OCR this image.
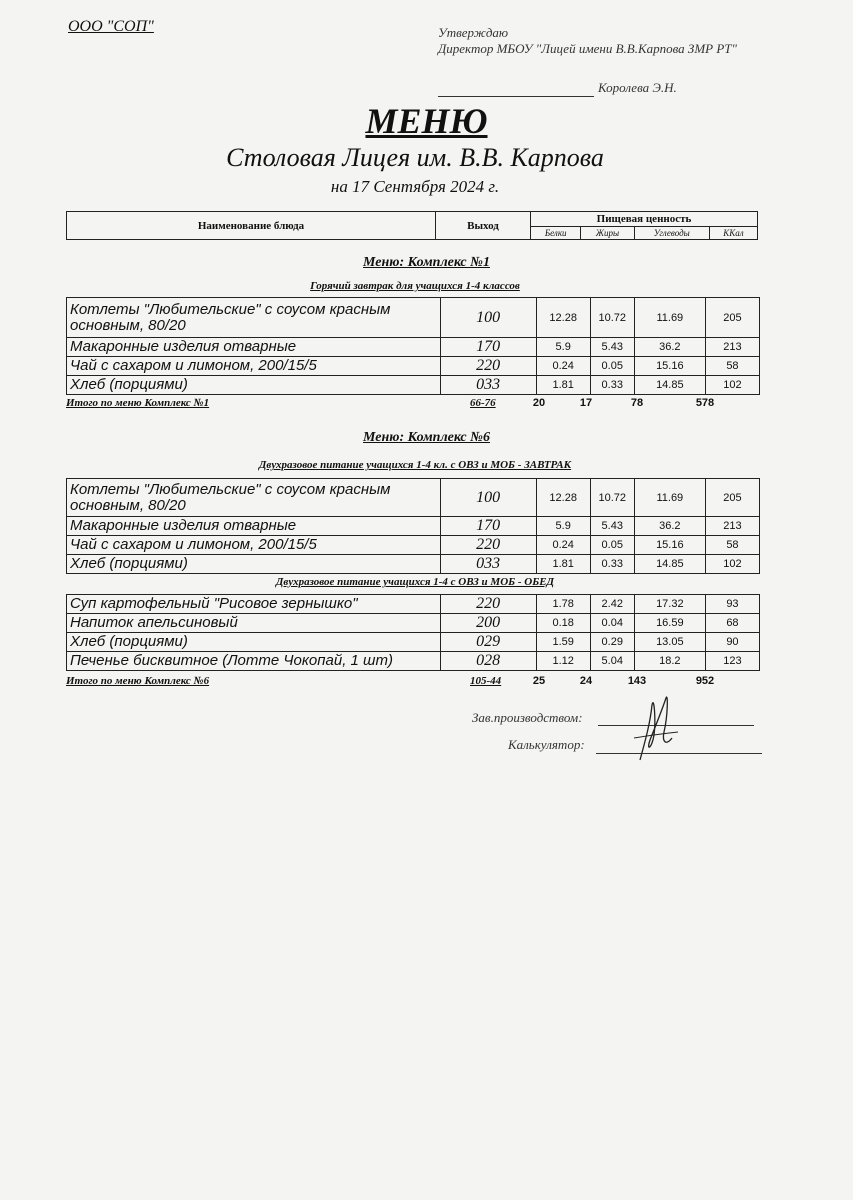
ООО "СОП"	Утверждаю
Директор МБОУ "Лицей имени В.В.Карпова ЗМР РТ"
Королева Э.Н.
МЕНЮ
Столовая Лицея им. В.В. Карпова
на 17 Сентября 2024 г.
Наименование блюда	Выход	Пищевая ценность			
		Белки	Жиры	Углеводы	ККал
Меню: Комплекс №1
Горячий завтрак для учащихся 1-4 классов
Котлеты "Любительские" с соусом красным основным, 80/20	100	12.28	10.72	11.69	205
Макаронные изделия отварные	170	5.9	5.43	36.2	213
Чай с сахаром и лимоном, 200/15/5	220	0.24	0.05	15.16	58
Хлеб (порциями)	033	1.81	0.33	14.85	102
Итого по меню Комплекс №1	66-76	20	17	78	578
Меню: Комплекс №6
Двухразовое питание учащихся 1-4 кл. с ОВЗ и МОБ - ЗАВТРАК
Котлеты "Любительские" с соусом красным основным, 80/20	100	12.28	10.72	11.69	205
Макаронные изделия отварные	170	5.9	5.43	36.2	213
Чай с сахаром и лимоном, 200/15/5	220	0.24	0.05	15.16	58
Хлеб (порциями)	033	1.81	0.33	14.85	102
Двухразовое питание учащихся 1-4 с ОВЗ и МОБ - ОБЕД
Суп картофельный "Рисовое зернышко"	220	1.78	2.42	17.32	93
Напиток апельсиновый	200	0.18	0.04	16.59	68
Хлеб (порциями)	029	1.59	0.29	13.05	90
Печенье бисквитное (Лотте Чокопай, 1 шт)	028	1.12	5.04	18.2	123
Итого по меню Комплекс №6	105-44	25	24	143	952
Зав.производством:
Калькулятор:
